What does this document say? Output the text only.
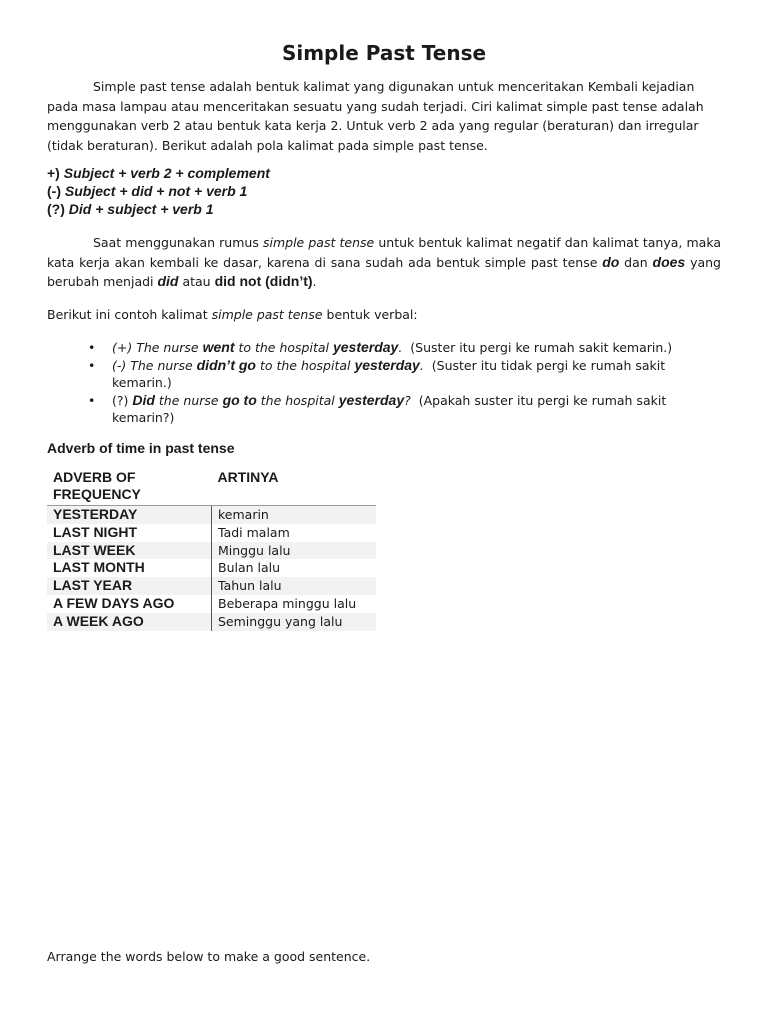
Simple Past Tense

Simple past tense adalah bentuk kalimat yang digunakan untuk menceritakan Kembali kejadian pada masa lampau atau menceritakan sesuatu yang sudah terjadi. Ciri kalimat simple past tense adalah menggunakan verb 2 atau bentuk kata kerja 2. Untuk verb 2 ada yang regular (beraturan) dan irregular (tidak beraturan). Berikut adalah pola kalimat pada simple past tense.

+) Subject + verb 2 + complement
(-) Subject + did + not + verb 1
(?) Did + subject + verb 1

Saat menggunakan rumus simple past tense untuk bentuk kalimat negatif dan kalimat tanya, maka kata kerja akan kembali ke dasar, karena di sana sudah ada bentuk simple past tense do dan does yang berubah menjadi did atau did not (didn’t).

Berikut ini contoh kalimat simple past tense bentuk verbal:

• (+) The nurse went to the hospital yesterday. (Suster itu pergi ke rumah sakit kemarin.)
• (-) The nurse didn’t go to the hospital yesterday. (Suster itu tidak pergi ke rumah sakit kemarin.)
• (?) Did the nurse go to the hospital yesterday? (Apakah suster itu pergi ke rumah sakit kemarin?)
Adverb of time in past tense
ADVERB OF FREQUENCY	ARTINYA
YESTERDAY	kemarin
LAST NIGHT	Tadi malam
LAST WEEK	Minggu lalu
LAST MONTH	Bulan lalu
LAST YEAR	Tahun lalu
A FEW DAYS AGO	Beberapa minggu lalu
A WEEK AGO	Seminggu yang lalu
Arrange the words below to make a good sentence.
